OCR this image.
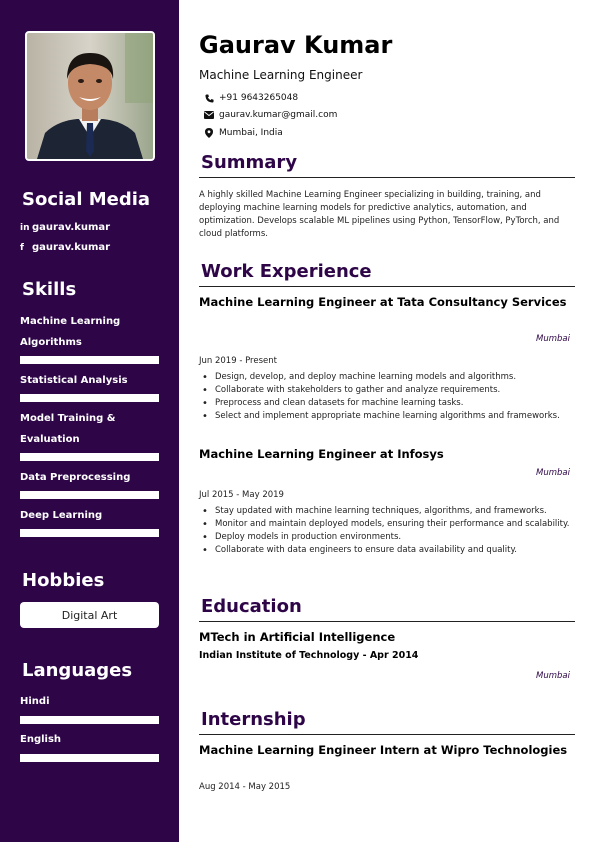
Social Media
in gaurav.kumar
f gaurav.kumar
Skills
Machine Learning Algorithms
Statistical Analysis
Model Training & Evaluation
Data Preprocessing
Deep Learning
Hobbies
Digital Art
Languages
Hindi
English
Gaurav Kumar
Machine Learning Engineer
+91 9643265048
gaurav.kumar@gmail.com
Mumbai, India
Summary
A highly skilled Machine Learning Engineer specializing in building, training, and deploying machine learning models for predictive analytics, automation, and optimization. Develops scalable ML pipelines using Python, TensorFlow, PyTorch, and cloud platforms.
Work Experience
Machine Learning Engineer at Tata Consultancy Services
Mumbai
Jun 2019 - Present
• Design, develop, and deploy machine learning models and algorithms.
• Collaborate with stakeholders to gather and analyze requirements.
• Preprocess and clean datasets for machine learning tasks.
• Select and implement appropriate machine learning algorithms and frameworks.
Machine Learning Engineer at Infosys
Mumbai
Jul 2015 - May 2019
• Stay updated with machine learning techniques, algorithms, and frameworks.
• Monitor and maintain deployed models, ensuring their performance and scalability.
• Deploy models in production environments.
• Collaborate with data engineers to ensure data availability and quality.
Education
MTech in Artificial Intelligence
Indian Institute of Technology - Apr 2014
Mumbai
Internship
Machine Learning Engineer Intern at Wipro Technologies
Aug 2014 - May 2015
